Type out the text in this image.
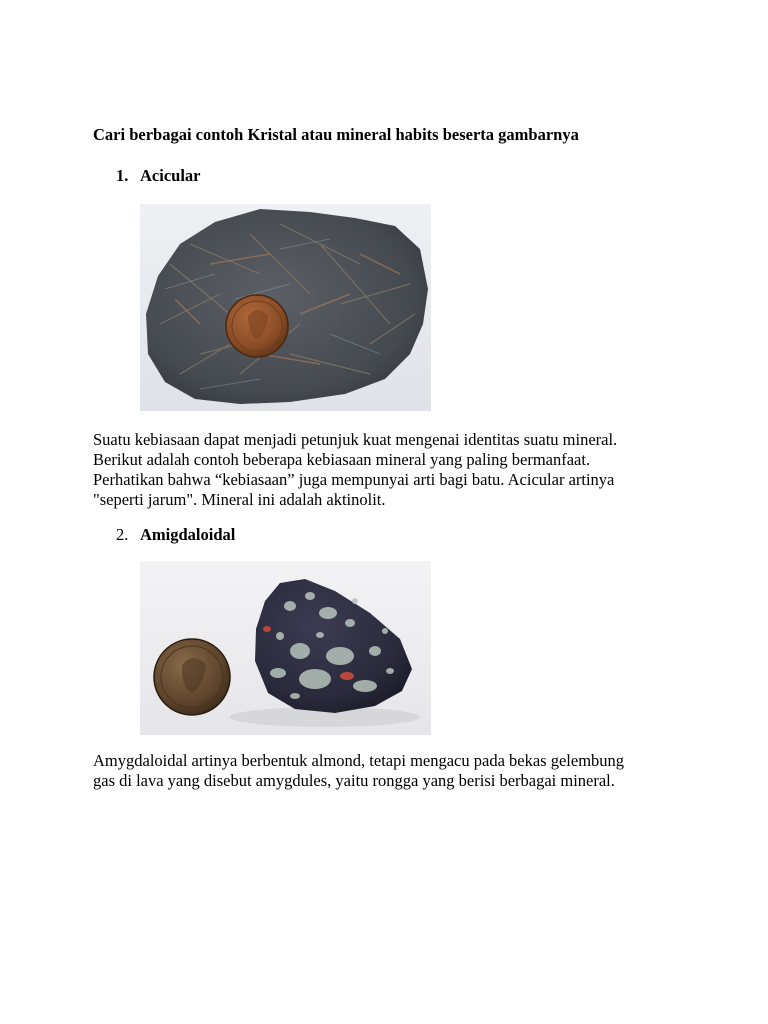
Cari berbagai contoh Kristal atau mineral habits beserta gambarnya
1. Acicular
Suatu kebiasaan dapat menjadi petunjuk kuat mengenai identitas suatu mineral.
Berikut adalah contoh beberapa kebiasaan mineral yang paling bermanfaat.
Perhatikan bahwa “kebiasaan” juga mempunyai arti bagi batu. Acicular artinya
"seperti jarum". Mineral ini adalah aktinolit.
2. Amigdaloidal
Amygdaloidal artinya berbentuk almond, tetapi mengacu pada bekas gelembung
gas di lava yang disebut amygdules, yaitu rongga yang berisi berbagai mineral.
